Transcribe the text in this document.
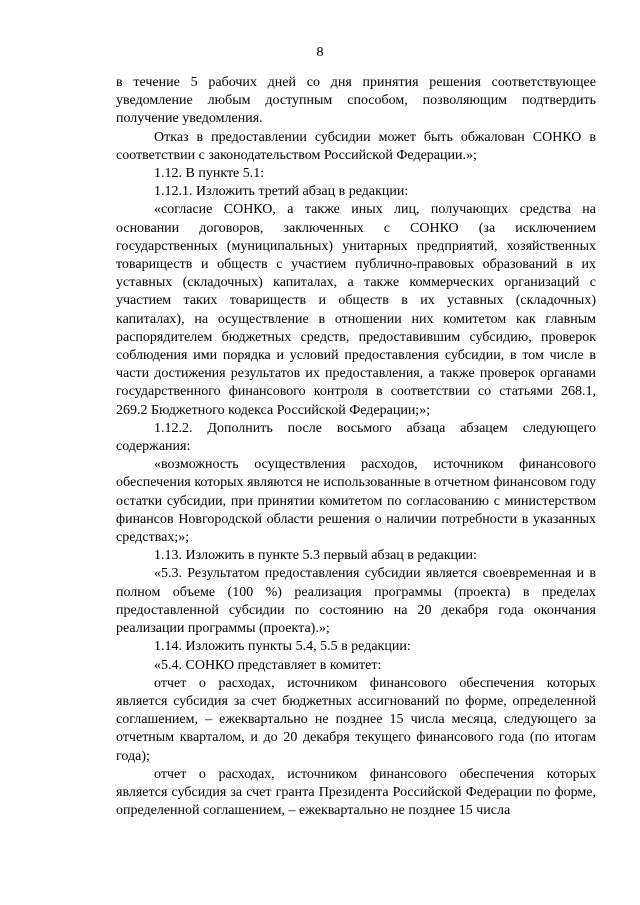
8

в течение 5 рабочих дней со дня принятия решения соответствующее уведомление любым доступным способом, позволяющим подтвердить получение уведомления.

Отказ в предоставлении субсидии может быть обжалован СОНКО в соответствии с законодательством Российской Федерации.»;

1.12. В пункте 5.1:

1.12.1. Изложить третий абзац в редакции:

«согласие СОНКО, а также иных лиц, получающих средства на основании договоров, заключенных с СОНКО (за исключением государственных (муниципальных) унитарных предприятий, хозяйственных товариществ и обществ с участием публично-правовых образований в их уставных (складочных) капиталах, а также коммерческих организаций с участием таких товариществ и обществ в их уставных (складочных) капиталах), на осуществление в отношении них комитетом как главным распорядителем бюджетных средств, предоставившим субсидию, проверок соблюдения ими порядка и условий предоставления субсидии, в том числе в части достижения результатов их предоставления, а также проверок органами государственного финансового контроля в соответствии со статьями 268.1, 269.2 Бюджетного кодекса Российской Федерации;»;

1.12.2. Дополнить после восьмого абзаца абзацем следующего содержания:

«возможность осуществления расходов, источником финансового обеспечения которых являются не использованные в отчетном финансовом году остатки субсидии, при принятии комитетом по согласованию с министерством финансов Новгородской области решения о наличии потребности в указанных средствах;»;

1.13. Изложить в пункте 5.3 первый абзац в редакции:

«5.3. Результатом предоставления субсидии является своевременная и в полном объеме (100 %) реализация программы (проекта) в пределах предоставленной субсидии по состоянию на 20 декабря года окончания реализации программы (проекта).»;

1.14. Изложить пункты 5.4, 5.5 в редакции:

«5.4. СОНКО представляет в комитет:

отчет о расходах, источником финансового обеспечения которых является субсидия за счет бюджетных ассигнований по форме, определенной соглашением, – ежеквартально не позднее 15 числа месяца, следующего за отчетным кварталом, и до 20 декабря текущего финансового года (по итогам года);

отчет о расходах, источником финансового обеспечения которых является субсидия за счет гранта Президента Российской Федерации по форме, определенной соглашением, – ежеквартально не позднее 15 числа
